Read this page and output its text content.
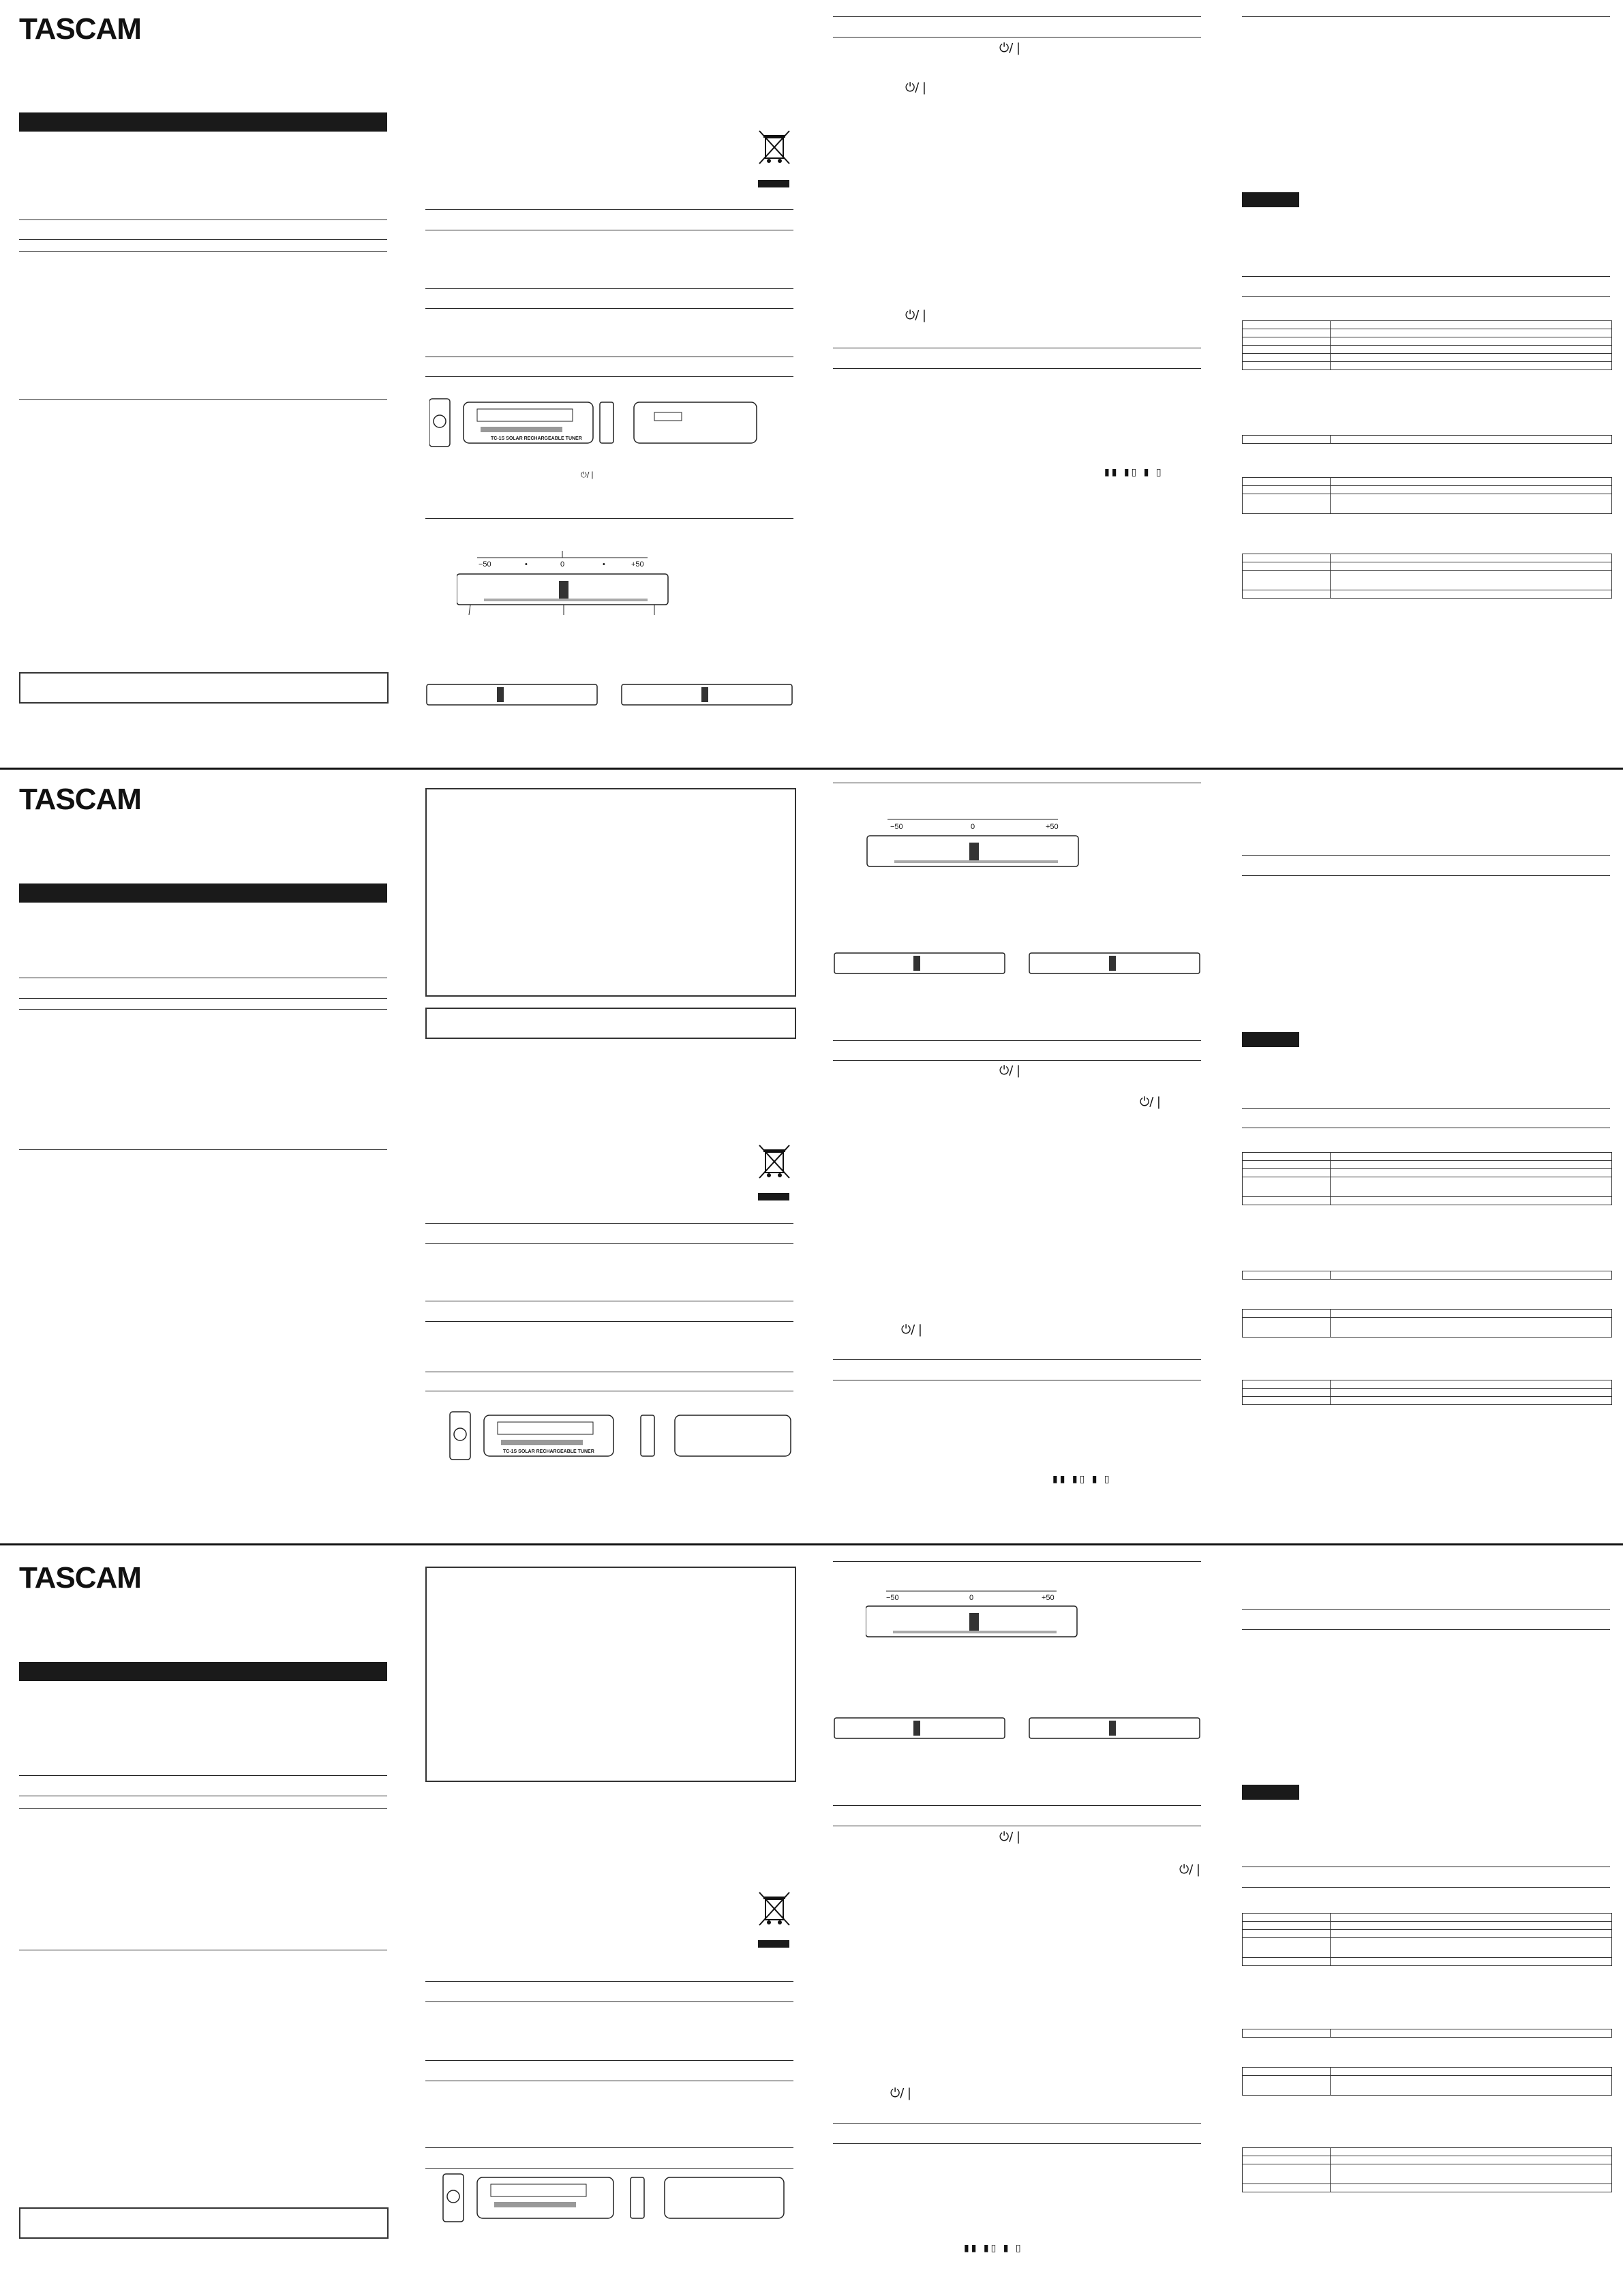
TASCAM
TC-1S SOLAR RECHARGEABLE TUNER
⏻/❘
−50	•	0	•	+50
⏻/❘
⏻/❘
⏻/❘
▮▮ ▮▯ ▮ ▯

TASCAM
TC-1S SOLAR RECHARGEABLE TUNER
−50	0	+50
⏻/❘
⏻/❘
⏻/❘
▮▮ ▮▯ ▮ ▯

TASCAM
−50	0	+50
⏻/❘
⏻/❘
⏻/❘
▮▮ ▮▯ ▮ ▯
